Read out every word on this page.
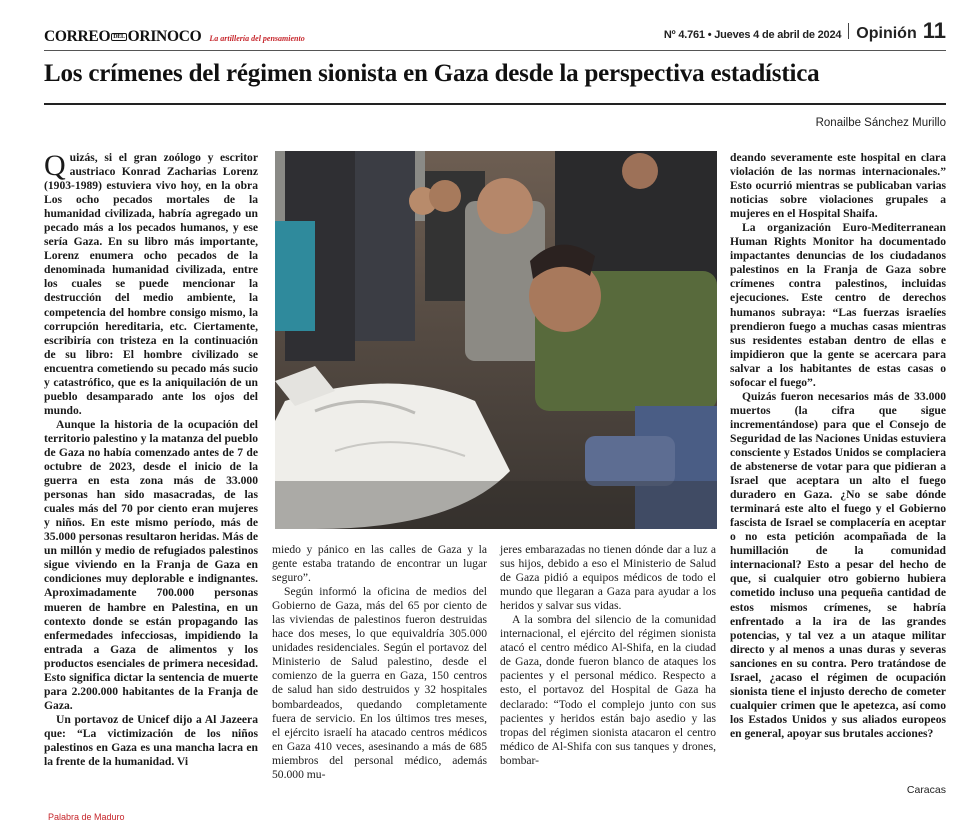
CORREO DEL ORINOCO La artillería del pensamiento	Nº 4.761 • Jueves 4 de abril de 2024 Opinión 11
Los crímenes del régimen sionista en Gaza desde la perspectiva estadística
Ronailbe Sánchez Murillo

Quizás, si el gran zoólogo y escritor austriaco Konrad Zacharias Lorenz (1903-1989) estuviera vivo hoy, en la obra Los ocho pecados mortales de la humanidad civilizada, habría agregado un pecado más a los pecados humanos, y ese sería Gaza. En su libro más importante, Lorenz enumera ocho pecados de la denominada humanidad civilizada, entre los cuales se puede mencionar la destrucción del medio ambiente, la competencia del hombre consigo mismo, la corrupción hereditaria, etc. Ciertamente, escribiría con tristeza en la continuación de su libro: El hombre civilizado se encuentra cometiendo su pecado más sucio y catastrófico, que es la aniquilación de un pueblo desamparado ante los ojos del mundo.

Aunque la historia de la ocupación del territorio palestino y la matanza del pueblo de Gaza no había comenzado antes de 7 de octubre de 2023, desde el inicio de la guerra en esta zona más de 33.000 personas han sido masacradas, de las cuales más del 70 por ciento eran mujeres y niños. En este mismo período, más de 35.000 personas resultaron heridas. Más de un millón y medio de refugiados palestinos sigue viviendo en la Franja de Gaza en condiciones muy deplorable e indignantes. Aproximadamente 700.000 personas mueren de hambre en Palestina, en un contexto donde se están propagando las enfermedades infecciosas, impidiendo la entrada a Gaza de alimentos y los productos esenciales de primera necesidad. Esto significa dictar la sentencia de muerte para 2.200.000 habitantes de la Franja de Gaza.

Un portavoz de Unicef dijo a Al Jazeera que: “La victimización de los niños palestinos en Gaza es una mancha lacra en la frente de la humanidad. Vi

miedo y pánico en las calles de Gaza y la gente estaba tratando de encontrar un lugar seguro”.

Según informó la oficina de medios del Gobierno de Gaza, más del 65 por ciento de las viviendas de palestinos fueron destruidas hace dos meses, lo que equivaldría 305.000 unidades residenciales. Según el portavoz del Ministerio de Salud palestino, desde el comienzo de la guerra en Gaza, 150 centros de salud han sido destruidos y 32 hospitales bombardeados, quedando completamente fuera de servicio. En los últimos tres meses, el ejército israelí ha atacado centros médicos en Gaza 410 veces, asesinando a más de 685 miembros del personal médico, además 50.000 mu-

jeres embarazadas no tienen dónde dar a luz a sus hijos, debido a eso el Ministerio de Salud de Gaza pidió a equipos médicos de todo el mundo que llegaran a Gaza para ayudar a los heridos y salvar sus vidas.

A la sombra del silencio de la comunidad internacional, el ejército del régimen sionista atacó el centro médico Al-Shifa, en la ciudad de Gaza, donde fueron blanco de ataques los pacientes y el personal médico. Respecto a esto, el portavoz del Hospital de Gaza ha declarado: “Todo el complejo junto con sus pacientes y heridos están bajo asedio y las tropas del régimen sionista atacaron el centro médico de Al-Shifa con sus tanques y drones, bombar-

deando severamente este hospital en clara violación de las normas internacionales.” Esto ocurrió mientras se publicaban varias noticias sobre violaciones grupales a mujeres en el Hospital Shaifa.

La organización Euro-Mediterranean Human Rights Monitor ha documentado impactantes denuncias de los ciudadanos palestinos en la Franja de Gaza sobre crímenes contra palestinos, incluidas ejecuciones. Este centro de derechos humanos subraya: “Las fuerzas israelíes prendieron fuego a muchas casas mientras sus residentes estaban dentro de ellas e impidieron que la gente se acercara para salvar a los habitantes de estas casas o sofocar el fuego”.

Quizás fueron necesarios más de 33.000 muertos (la cifra que sigue incrementándose) para que el Consejo de Seguridad de las Naciones Unidas estuviera consciente y Estados Unidos se complaciera de abstenerse de votar para que pidieran a Israel que aceptara un alto el fuego duradero en Gaza. ¿No se sabe dónde terminará este alto el fuego y el Gobierno fascista de Israel se complacería en aceptar o no esta petición acompañada de la humillación de la comunidad internacional? Esto a pesar del hecho de que, si cualquier otro gobierno hubiera cometido incluso una pequeña cantidad de estos mismos crímenes, se habría enfrentado a la ira de las grandes potencias, y tal vez a un ataque militar directo y al menos a unas duras y severas sanciones en su contra. Pero tratándose de Israel, ¿acaso el régimen de ocupación sionista tiene el injusto derecho de cometer cualquier crimen que le apetezca, así como los Estados Unidos y sus aliados europeos en general, apoyar sus brutales acciones?

Caracas
Palabra de Maduro
